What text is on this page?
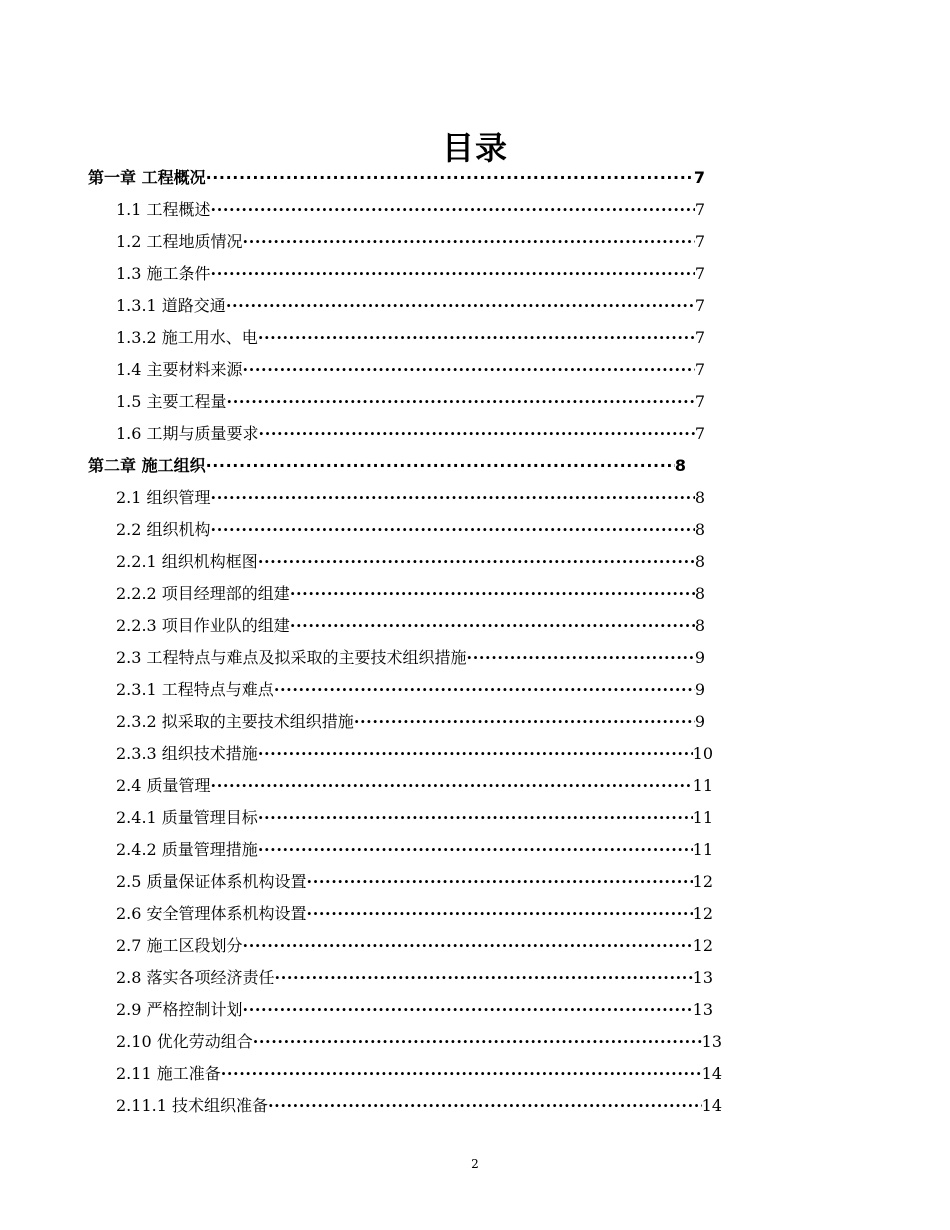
目录
第一章 工程概况 ·····	7
1.1 工程概述 ·····	7
1.2 工程地质情况 ·····	7
1.3 施工条件 ·····	7
1.3.1 道路交通 ·····	7
1.3.2 施工用水、电 ·····	7
1.4 主要材料来源 ·····	7
1.5 主要工程量 ·····	7
1.6 工期与质量要求 ·····	7
第二章 施工组织 ·····	8
2.1 组织管理 ·····	8
2.2 组织机构 ·····	8
2.2.1 组织机构框图 ·····	8
2.2.2 项目经理部的组建 ·····	8
2.2.3 项目作业队的组建 ·····	8
2.3 工程特点与难点及拟采取的主要技术组织措施 ·····	9
2.3.1 工程特点与难点 ·····	9
2.3.2 拟采取的主要技术组织措施 ·····	9
2.3.3 组织技术措施 ·····	10
2.4 质量管理 ·····	11
2.4.1 质量管理目标 ·····	11
2.4.2 质量管理措施 ·····	11
2.5 质量保证体系机构设置 ·····	12
2.6 安全管理体系机构设置 ·····	12
2.7 施工区段划分 ·····	12
2.8 落实各项经济责任 ·····	13
2.9 严格控制计划 ·····	13
2.10 优化劳动组合 ·····	13
2.11 施工准备 ·····	14
2.11.1 技术组织准备 ·····	14
2
